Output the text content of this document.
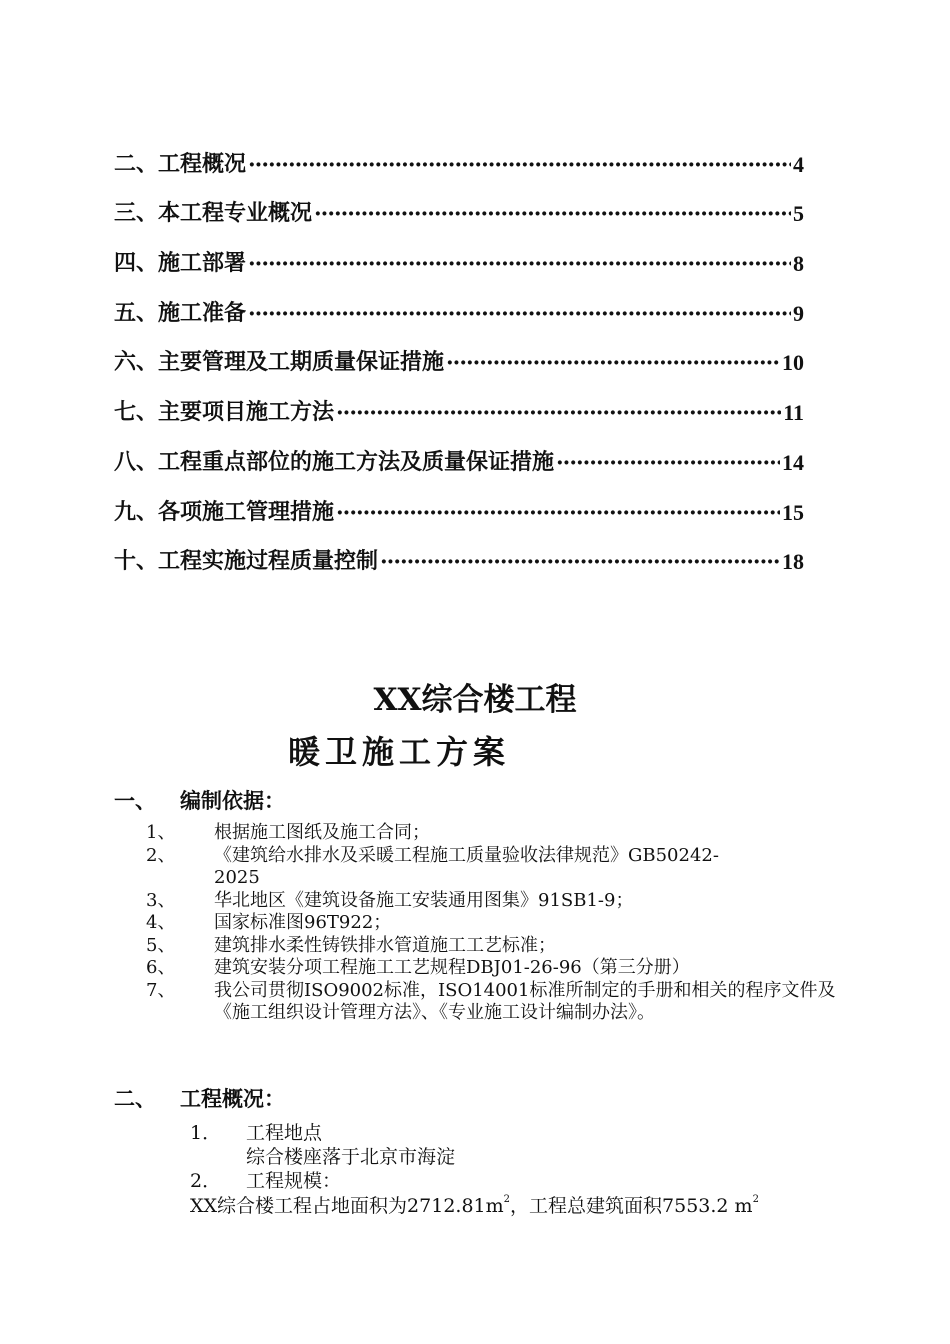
二、工程概况 ·····	4
三、本工程专业概况 ·····	5
四、施工部署 ·····	8
五、施工准备 ·····	9
六、主要管理及工期质量保证措施 ·····	10
七、主要项目施工方法 ·····	11
八、工程重点部位的施工方法及质量保证措施 ·····	14
九、各项施工管理措施 ·····	15
十、工程实施过程质量控制 ·····	18
XX综合楼工程
暖卫施工方案
一、 编制依据：
1、	根据施工图纸及施工合同；
2、	《建筑给水排水及采暖工程施工质量验收法律规范》GB50242-2025
3、	华北地区《建筑设备施工安装通用图集》91SB1-9；
4、	国家标准图96T922；
5、	建筑排水柔性铸铁排水管道施工工艺标准；
6、	建筑安装分项工程施工工艺规程DBJ01-26-96（第三分册）
7、	我公司贯彻ISO9002标准，ISO14001标准所制定的手册和相关的程序文件及《施工组织设计管理方法》、《专业施工设计编制办法》。
二、 工程概况：
1． 工程地点
综合楼座落于北京市海淀
2． 工程规模：
XX综合楼工程占地面积为$2712.81m^2$，工程总建筑面积7553.2 $m^2$
